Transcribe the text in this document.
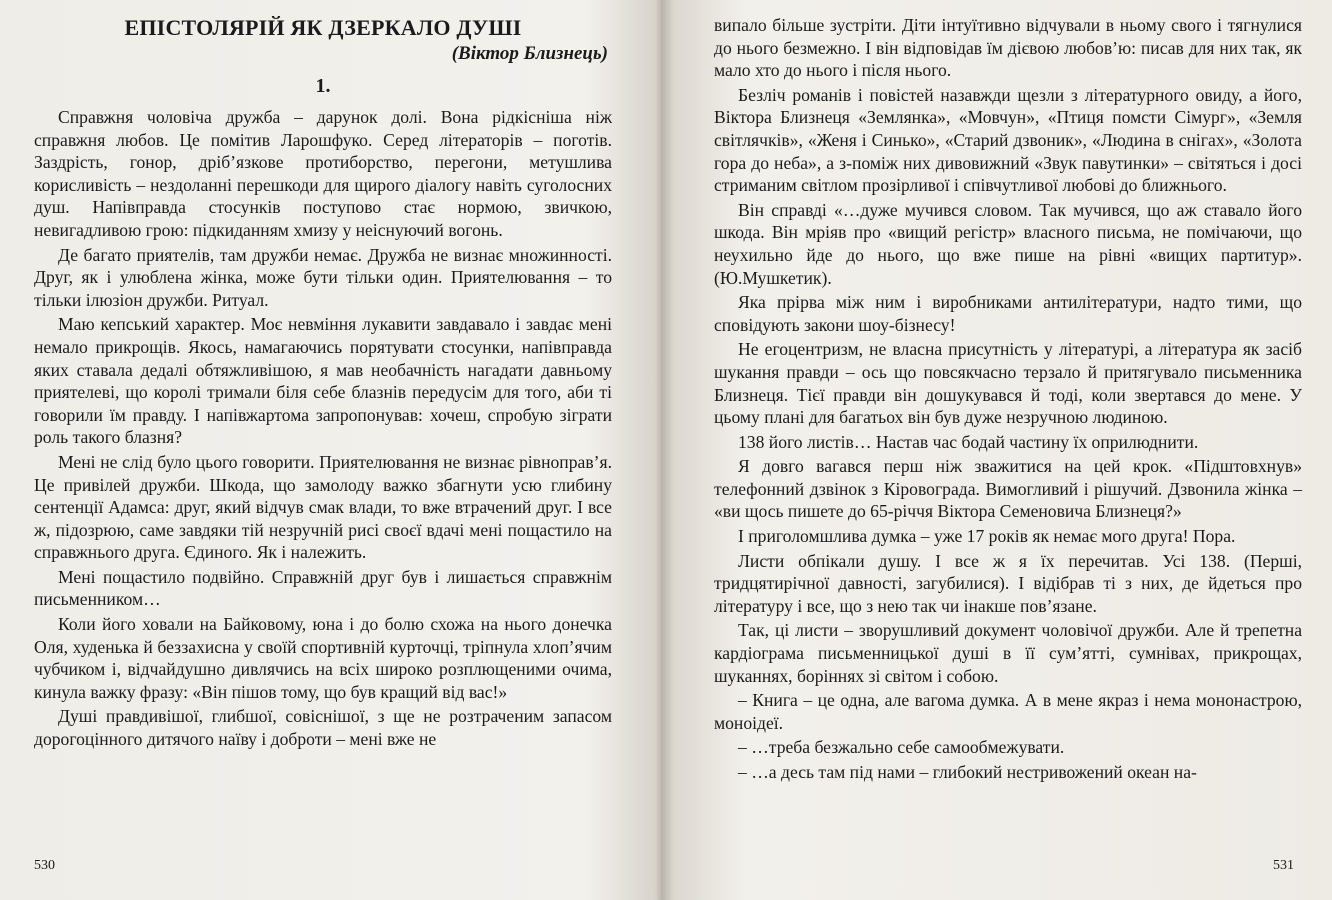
ЕПІСТОЛЯРІЙ ЯК ДЗЕРКАЛО ДУШІ
(Віктор Близнець)
1.

Справжня чоловіча дружба – дарунок долі. Вона рідкісніша ніж справжня любов. Це помітив Ларошфуко. Серед літераторів – поготів. Заздрість, гонор, дріб’язкове протиборство, перегони, метушлива корисливість – нездоланні перешкоди для щирого діалогу навіть суголосних душ. Напівправда стосунків поступово стає нормою, звичкою, невигадливою грою: підкиданням хмизу у неіснуючий вогонь.

Де багато приятелів, там дружби немає. Дружба не визнає множинності. Друг, як і улюблена жінка, може бути тільки один. Приятелювання – то тільки ілюзіон дружби. Ритуал.

Маю кепський характер. Моє невміння лукавити завдавало і завдає мені немало прикрощів. Якось, намагаючись порятувати стосунки, напівправда яких ставала дедалі обтяжливішою, я мав необачність нагадати давньому приятелеві, що королі тримали біля себе блазнів передусім для того, аби ті говорили їм правду. І напівжартома запропонував: хочеш, спробую зіграти роль такого блазня?

Мені не слід було цього говорити. Приятелювання не визнає рівноправ’я. Це привілей дружби. Шкода, що замолоду важко збагнути усю глибину сентенції Адамса: друг, який відчув смак влади, то вже втрачений друг. І все ж, підозрюю, саме завдяки тій незручній рисі своєї вдачі мені пощастило на справжнього друга. Єдиного. Як і належить.

Мені пощастило подвійно. Справжній друг був і лишається справжнім письменником…

Коли його ховали на Байковому, юна і до болю схожа на нього донечка Оля, худенька й беззахисна у своїй спортивній курточці, тріпнула хлоп’ячим чубчиком і, відчайдушно дивлячись на всіх широко розплющеними очима, кинула важку фразу: «Він пішов тому, що був кращий від вас!»

Душі правдивішої, глибшої, совіснішої, з ще не розтраченим запасом дорогоцінного дитячого наїву і доброти – мені вже не

530

випало більше зустріти. Діти інтуїтивно відчували в ньому свого і тягнулися до нього безмежно. І він відповідав їм дієвою любов’ю: писав для них так, як мало хто до нього і після нього.

Безліч романів і повістей назавжди щезли з літературного овиду, а його, Віктора Близнеця «Землянка», «Мовчун», «Птиця помсти Сімург», «Земля світлячків», «Женя і Синько», «Старий дзвоник», «Людина в снігах», «Золота гора до неба», а з-поміж них дивовижний «Звук павутинки» – світяться і досі стриманим світлом прозірливої і співчутливої любові до ближнього.

Він справді «…дуже мучився словом. Так мучився, що аж ставало його шкода. Він мріяв про «вищий регістр» власного письма, не помічаючи, що неухильно йде до нього, що вже пише на рівні «вищих партитур». (Ю.Мушкетик).

Яка прірва між ним і виробниками антилітератури, надто тими, що сповідують закони шоу-бізнесу!

Не егоцентризм, не власна присутність у літературі, а література як засіб шукання правди – ось що повсякчасно терзало й притягувало письменника Близнеця. Тієї правди він дошукувався й тоді, коли звертався до мене. У цьому плані для багатьох він був дуже незручною людиною.

138 його листів… Настав час бодай частину їх оприлюднити.

Я довго вагався перш ніж зважитися на цей крок. «Підштовхнув» телефонний дзвінок з Кіровограда. Вимогливий і рішучий. Дзвонила жінка – «ви щось пишете до 65-річчя Віктора Семеновича Близнеця?»

І приголомшлива думка – уже 17 років як немає мого друга! Пора.

Листи обпікали душу. І все ж я їх перечитав. Усі 138. (Перші, тридцятирічної давності, загубилися). І відібрав ті з них, де йдеться про літературу і все, що з нею так чи інакше пов’язане.

Так, ці листи – зворушливий документ чоловічої дружби. Але й трепетна кардіограма письменницької душі в її сум’ятті, сумнівах, прикрощах, шуканнях, боріннях зі світом і собою.

– Книга – це одна, але вагома думка. А в мене якраз і нема мононастрою, моноідеї.

– …треба безжально себе самообмежувати.

– …а десь там під нами – глибокий нестривожений океан на-

531
